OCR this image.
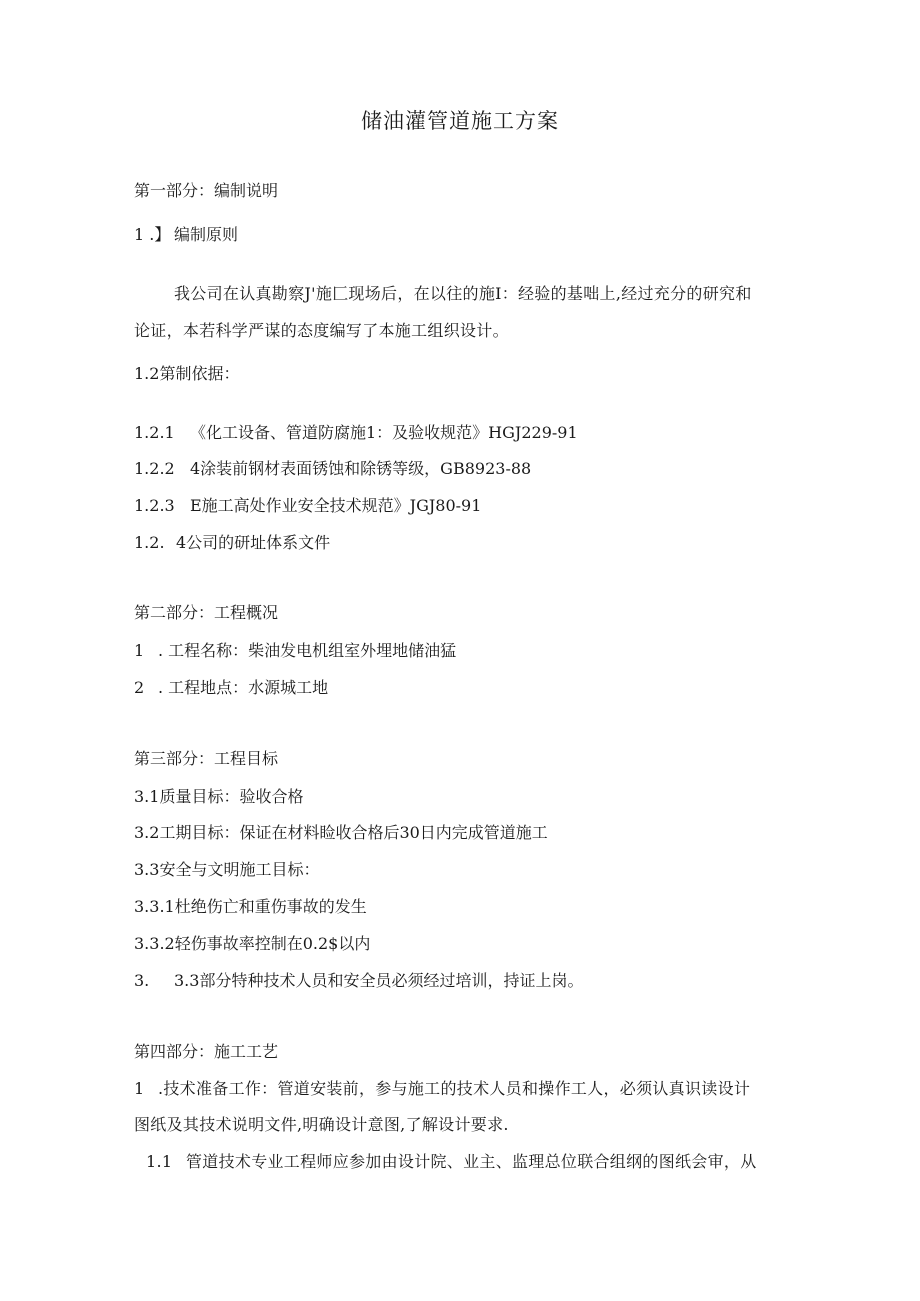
储油灌管道施工方案

第一部分：编制说明

1 .】 编制原则

我公司在认真勘察J'施匚现场后，在以往的施I：经验的基咄上,经过充分的研究和

论证，本若科学严谋的态度编写了本施工组织设计。

1.2第制依据：

1.2.1 《化工设备、管道防腐施1：及验收规范》HGJ229-91

1.2.2 4涂装前钢材表面锈蚀和除锈等级，GB8923-88

1.2.3 E施工高处作业安全技术规范》JGJ80-91

1.2. 4公司的研址体系文件

第二部分：工程概况

1 . 工程名称：柴油发电机组室外埋地储油猛

2 . 工程地点：水源城工地

第三部分：工程目标

3.1质量目标：验收合格

3.2工期目标：保证在材料睑收合格后30日内完成管道施工

3.3安全与文明施工目标：

3.3.1杜绝伤亡和重伤事故的发生

3.3.2轻伤事故率控制在0.2$以内

3. 3.3部分特种技术人员和安全员必须经过培训，持证上岗。

第四部分：施工工艺

1 .技术准备工作：管道安装前，参与施工的技术人员和操作工人，必须认真识读设计

图纸及其技术说明文件,明确设计意图,了解设计要求.

1.1 管道技术专业工程师应参加由设计院、业主、监理总位联合组纲的图纸会审，从
